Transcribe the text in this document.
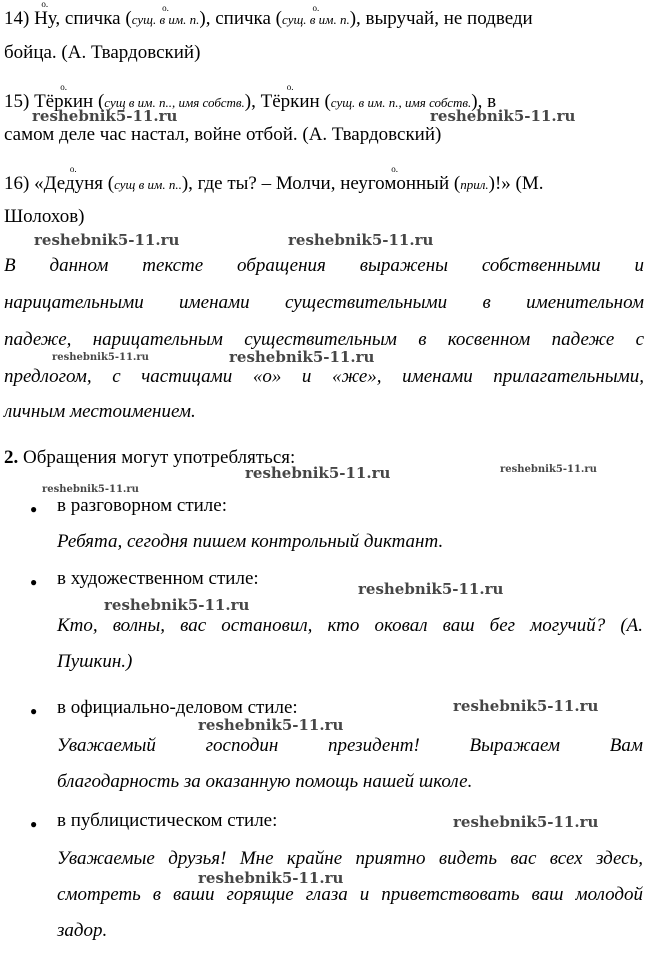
14) o. Ну, спичка (o. сущ. в им. п.), спичка (o. сущ. в им. п.), выручай, не подведи
бойца. (А. Твардовский)
15) o. Тёркин (сущ в им. п.., имя собств.), o. Тёркин (сущ. в им. п., имя собств.), в
самом деле час настал, войне отбой. (А. Твардовский)
16) «o. Дедуня (сущ в им. п..), где ты? – Молчи, o. неугомонный (прил.)!» (М.
Шолохов)
В данном тексте обращения выражены собственными и
нарицательными именами существительными в именительном
падеже, нарицательным существительным в косвенном падеже с
предлогом, с частицами «о» и «же», именами прилагательными,
личным местоимением.
2. Обращения могут употребляться:
● в разговорном стиле:
Ребята, сегодня пишем контрольный диктант.
● в художественном стиле:
Кто, волны, вас остановил, кто оковал ваш бег могучий? (А.
Пушкин.)
● в официально-деловом стиле:
Уважаемый господин президент! Выражаем Вам
благодарность за оказанную помощь нашей школе.
● в публицистическом стиле:
Уважаемые друзья! Мне крайне приятно видеть вас всех здесь,
смотреть в ваши горящие глаза и приветствовать ваш молодой
задор.
reshebnik5-11.ru	reshebnik5-11.ru
reshebnik5-11.ru	reshebnik5-11.ru
reshebnik5-11.ru	reshebnik5-11.ru
reshebnik5-11.ru	reshebnik5-11.ru
reshebnik5-11.ru
reshebnik5-11.ru
reshebnik5-11.ru
reshebnik5-11.ru
reshebnik5-11.ru
reshebnik5-11.ru
reshebnik5-11.ru
